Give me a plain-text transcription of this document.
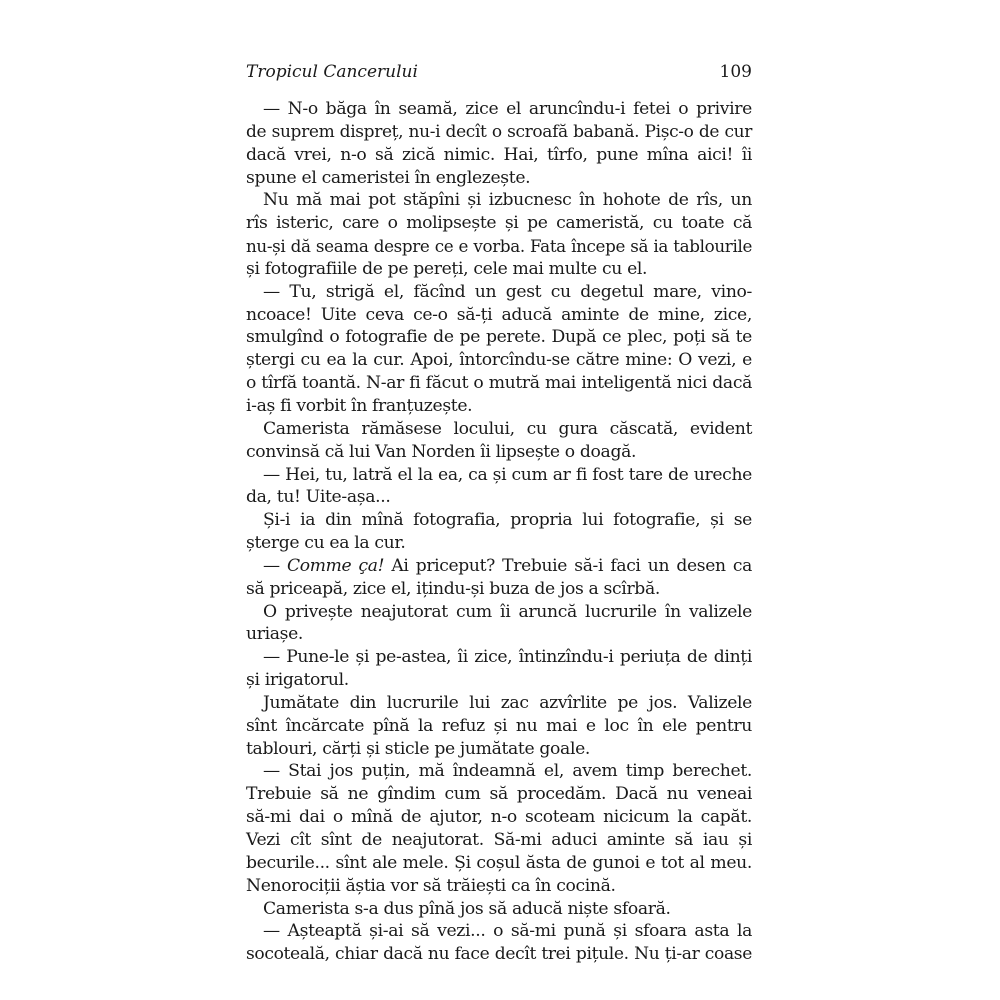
Tropicul Cancerului	109
— N-o băga în seamă, zice el aruncîndu-i fetei o privire
de suprem dispreț, nu-i decît o scroafă babană. Pișc-o de cur
dacă vrei, n-o să zică nimic. Hai, tîrfo, pune mîna aici! îi
spune el cameristei în englezește.
Nu mă mai pot stăpîni și izbucnesc în hohote de rîs, un
rîs isteric, care o molipsește și pe cameristă, cu toate că
nu-și dă seama despre ce e vorba. Fata începe să ia tablourile
și fotografiile de pe pereți, cele mai multe cu el.
— Tu, strigă el, făcînd un gest cu degetul mare, vino-
ncoace! Uite ceva ce-o să-ți aducă aminte de mine, zice,
smulgînd o fotografie de pe perete. După ce plec, poți să te
ștergi cu ea la cur. Apoi, întorcîndu-se către mine: O vezi, e
o tîrfă toantă. N-ar fi făcut o mutră mai inteligentă nici dacă
i-aș fi vorbit în franțuzește.
Camerista rămăsese locului, cu gura căscată, evident
convinsă că lui Van Norden îi lipsește o doagă.
— Hei, tu, latră el la ea, ca și cum ar fi fost tare de ureche
da, tu! Uite-așa...
Și-i ia din mînă fotografia, propria lui fotografie, și se
șterge cu ea la cur.
— Comme ça! Ai priceput? Trebuie să-i faci un desen ca
să priceapă, zice el, ițindu-și buza de jos a scîrbă.
O privește neajutorat cum îi aruncă lucrurile în valizele
uriașe.
— Pune-le și pe-astea, îi zice, întinzîndu-i periuța de dinți
și irigatorul.
Jumătate din lucrurile lui zac azvîrlite pe jos. Valizele
sînt încărcate pînă la refuz și nu mai e loc în ele pentru
tablouri, cărți și sticle pe jumătate goale.
— Stai jos puțin, mă îndeamnă el, avem timp berechet.
Trebuie să ne gîndim cum să procedăm. Dacă nu veneai
să-mi dai o mînă de ajutor, n-o scoteam nicicum la capăt.
Vezi cît sînt de neajutorat. Să-mi aduci aminte să iau și
becurile... sînt ale mele. Și coșul ăsta de gunoi e tot al meu.
Nenorociții ăștia vor să trăiești ca în cocină.
Camerista s-a dus pînă jos să aducă niște sfoară.
— Așteaptă și-ai să vezi... o să-mi pună și sfoara asta la
socoteală, chiar dacă nu face decît trei pițule. Nu ți-ar coase
